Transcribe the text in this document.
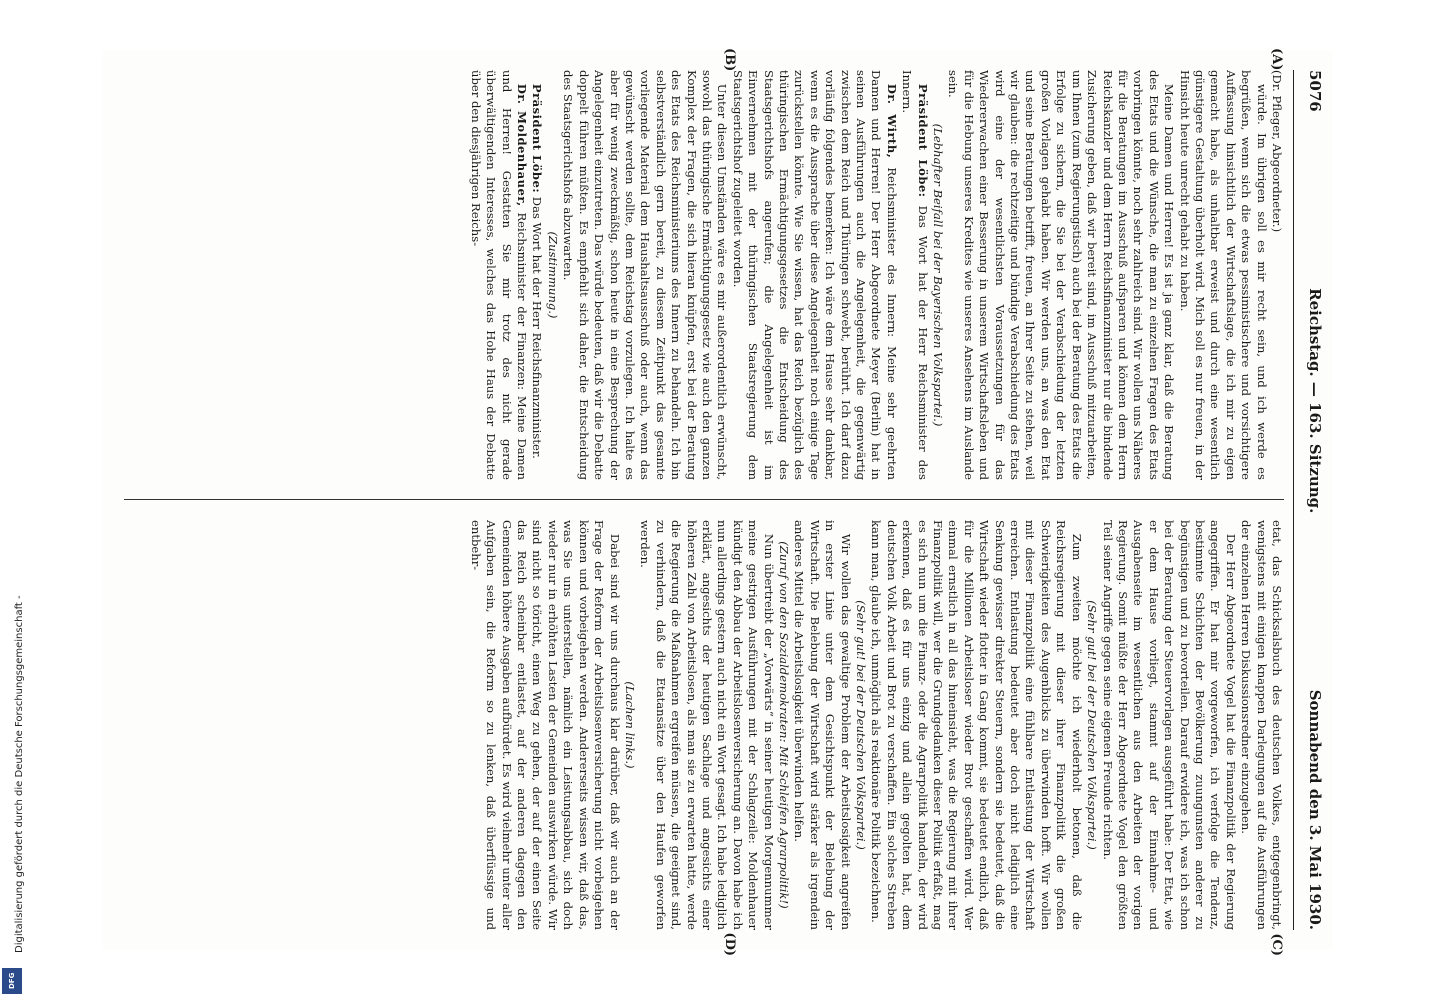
5076
Reichstag. — 163. Sitzung.
Sonnabend den 3. Mai 1930.
(A)
(B)
(C)
(D)

(Dr. Pfleger, Abgeordneter.)

würde. Im übrigen soll es mir recht sein, und ich werde es begrüßen, wenn sich die etwas pessimistischere und vorsichtigere Auffassung hinsichtlich der Wirtschaftslage, die ich mir zu eigen gemacht habe, als unhaltbar erweist und durch eine wesentlich günstigere Gestaltung überholt wird. Mich soll es nur freuen, in der Hinsicht heute unrecht gehabt zu haben.

Meine Damen und Herren! Es ist ja ganz klar, daß die Beratung des Etats und die Wünsche, die man zu einzelnen Fragen des Etats vorbringen könnte, noch sehr zahlreich sind. Wir wollen uns Näheres für die Beratungen im Ausschuß aufsparen und können dem Herrn Reichskanzler und dem Herrn Reichsfinanzminister nur die bindende Zusicherung geben, daß wir bereit sind, im Ausschuß mitzuarbeiten, um Ihnen (zum Regierungstisch) auch bei der Beratung des Etats die Erfolge zu sichern, die Sie bei der Verabschiedung der letzten großen Vorlagen gehabt haben. Wir werden uns, an was den Etat und seine Beratungen betrifft, freuen, an Ihrer Seite zu stehen, weil wir glauben: die rechtzeitige und bündige Verabschiedung des Etats wird eine der wesentlichsten Voraussetzungen für das Wiedererwachen einer Besserung in unserem Wirtschaftsleben und für die Hebung unseres Kredites wie unseres Ansehens im Auslande sein.

(Lebhafter Beifall bei der Bayerischen Volkspartei.)

Präsident Löbe: Das Wort hat der Herr Reichsminister des Innern.

Dr. Wirth, Reichsminister des Innern: Meine sehr geehrten Damen und Herren! Der Herr Abgeordnete Meyer (Berlin) hat in seinen Ausführungen auch die Angelegenheit, die gegenwärtig zwischen dem Reich und Thüringen schwebt, berührt. Ich darf dazu vorläufig folgendes bemerken: Ich wäre dem Hause sehr dankbar, wenn es die Aussprache über diese Angelegenheit noch einige Tage zurückstellen könnte. Wie Sie wissen, hat das Reich bezüglich des thüringischen Ermächtigungsgesetzes die Entscheidung des Staatsgerichtshofs angerufen; die Angelegenheit ist im Einvernehmen mit der thüringischen Staatsregierung dem Staatsgerichtshof zugeleitet worden.

Unter diesen Umständen wäre es mir außerordentlich erwünscht, sowohl das thüringische Ermächtigungsgesetz wie auch den ganzen Komplex der Fragen, die sich hieran knüpfen, erst bei der Beratung des Etats des Reichsministeriums des Innern zu behandeln. Ich bin selbstverständlich gern bereit, zu diesem Zeitpunkt das gesamte vorliegende Material dem Haushaltsausschuß oder auch, wenn das gewünscht werden sollte, dem Reichstag vorzulegen. Ich halte es aber für wenig zweckmäßig, schon heute in eine Besprechung der Angelegenheit einzutreten. Das würde bedeuten, daß wir die Debatte doppelt führen müßten. Es empfiehlt sich daher, die Entscheidung des Staatsgerichtshofs abzuwarten.

(Zustimmung.)

Präsident Löbe: Das Wort hat der Herr Reichsfinanzminister.

Dr. Moldenhauer, Reichsminister der Finanzen: Meine Damen und Herren! Gestatten Sie mir trotz des nicht gerade überwältigenden Interesses, welches das Hohe Haus der Debatte über den diesjährigen Reichs-

etat, das Schicksalsbuch des deutschen Volkes, entgegenbringt, wenigstens mit einigen knappen Darlegungen auf die Ausführungen der einzelnen Herren Diskussionsredner einzugehen.

Der Herr Abgeordnete Vogel hat die Finanzpolitik der Regierung angegriffen. Er hat mir vorgeworfen, ich verfolge die Tendenz, bestimmte Schichten der Bevölkerung zuungunsten anderer zu begünstigen und zu bevorteilen. Darauf erwidere ich, was ich schon bei der Beratung der Steuervorlagen ausgeführt habe: Der Etat, wie er dem Hause vorliegt, stammt auf der Einnahme- und Ausgabenseite im wesentlichen aus den Arbeiten der vorigen Regierung. Somit müßte der Herr Abgeordnete Vogel den größten Teil seiner Angriffe gegen seine eigenen Freunde richten.

(Sehr gut! bei der Deutschen Volkspartei.)

Zum zweiten möchte ich wiederholt betonen, daß die Reichsregierung mit dieser ihrer Finanzpolitik die großen Schwierigkeiten des Augenblicks zu überwinden hofft. Wir wollen mit dieser Finanzpolitik eine fühlbare Entlastung der Wirtschaft erreichen. Entlastung bedeutet aber doch nicht lediglich eine Senkung gewisser direkter Steuern, sondern sie bedeutet, daß die Wirtschaft wieder flotter in Gang kommt, sie bedeutet endlich, daß für die Millionen Arbeitsloser wieder Brot geschaffen wird. Wer einmal ernstlich in all das hineinsieht, was die Regierung mit ihrer Finanzpolitik will, wer die Grundgedanken dieser Politik erfaßt, mag es sich nun um die Finanz- oder die Agrarpolitik handeln, der wird erkennen, daß es für uns einzig und allein gegolten hat, dem deutschen Volk Arbeit und Brot zu verschaffen. Ein solches Streben kann man, glaube ich, unmöglich als reaktionäre Politik bezeichnen.

(Sehr gut! bei der Deutschen Volkspartei.)

Wir wollen das gewaltige Problem der Arbeitslosigkeit angreifen in erster Linie unter dem Gesichtspunkt der Belebung der Wirtschaft. Die Belebung der Wirtschaft wird stärker als irgendein anderes Mittel die Arbeitslosigkeit überwinden helfen.

(Zuruf von den Sozialdemokraten: Mit Schleifen Agrarpolitik!)

Nun übertreibt der „Vorwärts“ in seiner heutigen Morgennummer meine gestrigen Ausführungen mit der Schlagzeile: Moldenhauer kündigt den Abbau der Arbeitslosenversicherung an. Davon habe ich nun allerdings gestern auch nicht ein Wort gesagt. Ich habe lediglich erklärt, angesichts der heutigen Sachlage und angesichts einer höheren Zahl von Arbeitslosen, als man sie zu erwarten hatte, werde die Regierung die Maßnahmen ergreifen müssen, die geeignet sind, zu verhindern, daß die Etatansätze über den Haufen geworfen werden.

(Lachen links.)

Dabei sind wir uns durchaus klar darüber, daß wir auch an der Frage der Reform der Arbeitslosenversicherung nicht vorbeigehen können und vorbeigehen werden. Andererseits wissen wir, daß das, was Sie uns unterstellen, nämlich ein Leistungsabbau, sich doch wieder nur in erhöhten Lasten der Gemeinden auswirken würde. Wir sind nicht so töricht, einen Weg zu gehen, der auf der einen Seite das Reich scheinbar entlastet, auf der anderen dagegen den Gemeinden höhere Ausgaben aufbürdet. Es wird vielmehr unter aller Aufgaben sein, die Reform so zu lenken, daß überflüssige und entbehr-

Digitalisierung gefördert durch die Deutsche Forschungsgemeinschaft -
DFG
